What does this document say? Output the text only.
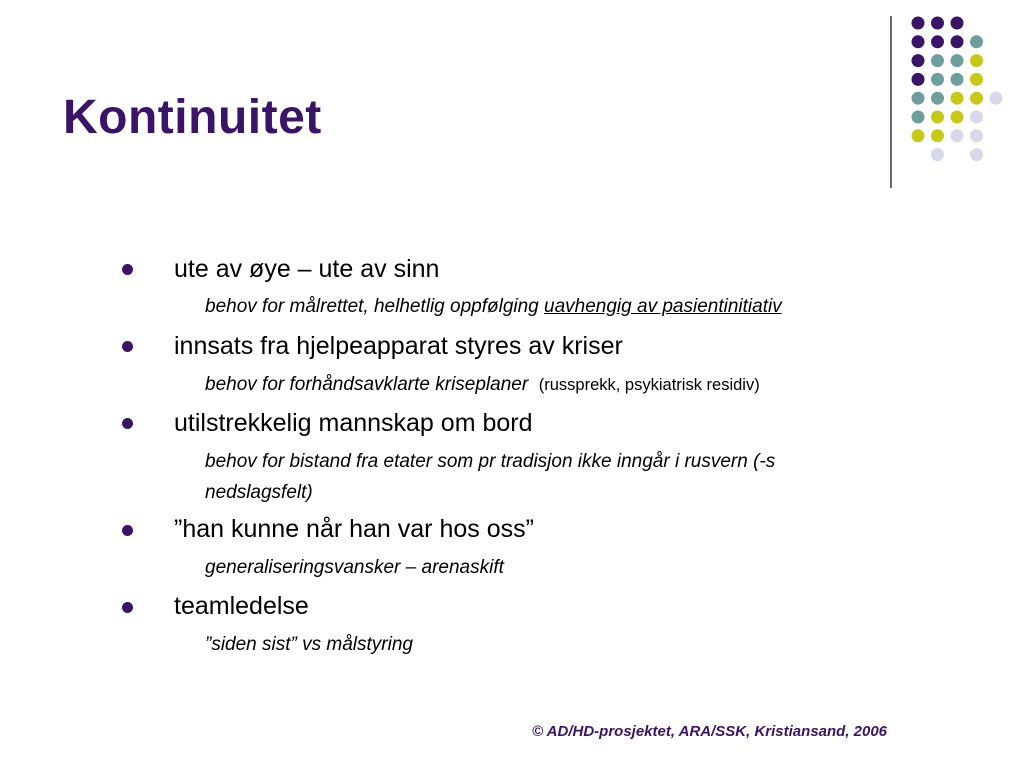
Kontinuitet
ute av øye – ute av sinn
behov for målrettet, helhetlig oppfølging uavhengig av pasientinitiativ
innsats fra hjelpeapparat styres av kriser
behov for forhåndsavklarte kriseplaner (russprekk, psykiatrisk residiv)
utilstrekkelig mannskap om bord
behov for bistand fra etater som pr tradisjon ikke inngår i rusvern (-s
nedslagsfelt)
”han kunne når han var hos oss”
generaliseringsvansker – arenaskift
teamledelse
”siden sist” vs målstyring
© AD/HD-prosjektet, ARA/SSK, Kristiansand, 2006
